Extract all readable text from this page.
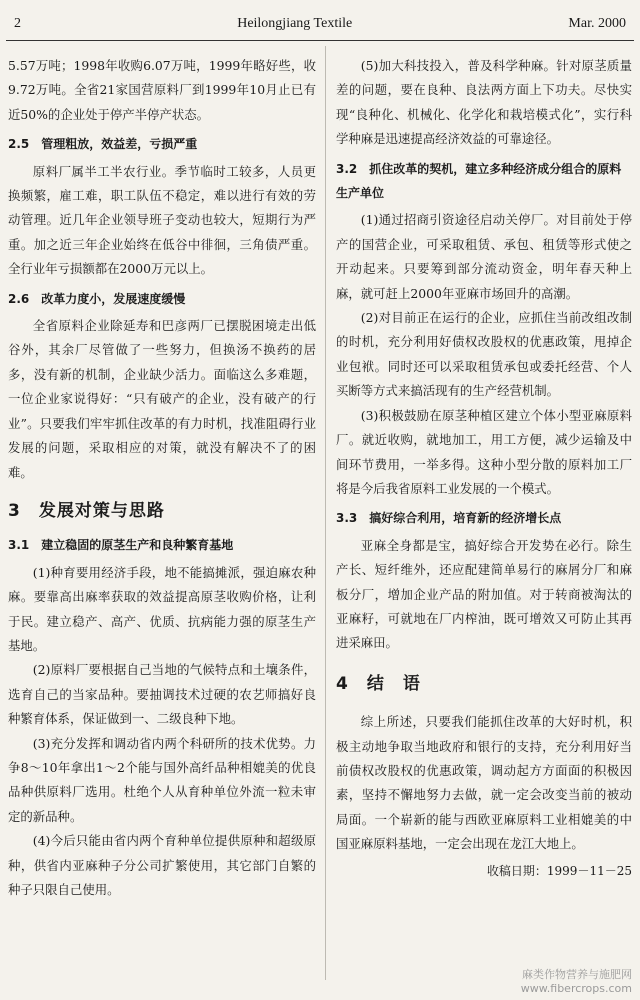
2	Heilongjiang Textile	Mar. 2000

5.57万吨；1998年收购6.07万吨，1999年略好些，收9.72万吨。全省21家国营原料厂到1999年10月止已有近50%的企业处于停产半停产状态。

2.5　管理粗放，效益差，亏损严重

原料厂属半工半农行业。季节临时工较多，人员更换频繁，雇工难，职工队伍不稳定，难以进行有效的劳动管理。近几年企业领导班子变动也较大，短期行为严重。加之近三年企业始终在低谷中徘徊，三角债严重。全行业年亏损额都在2000万元以上。

2.6　改革力度小，发展速度缓慢

全省原料企业除延寿和巴彦两厂已摆脱困境走出低谷外，其余厂尽管做了一些努力，但换汤不换药的居多，没有新的机制，企业缺少活力。面临这么多难题，一位企业家说得好：“只有破产的企业，没有破产的行业”。只要我们牢牢抓住改革的有力时机，找准阻碍行业发展的问题，采取相应的对策，就没有解决不了的困难。

3　发展对策与思路
3.1　建立稳固的原茎生产和良种繁育基地

(1)种育要用经济手段，地不能搞摊派，强迫麻农种麻。要靠高出麻率获取的效益提高原茎收购价格，让利于民。建立稳产、高产、优质、抗病能力强的原茎生产基地。

(2)原料厂要根据自己当地的气候特点和土壤条件，选育自己的当家品种。要抽调技术过硬的农艺师搞好良种繁育体系，保证做到一、二级良种下地。

(3)充分发挥和调动省内两个科研所的技术优势。力争8～10年拿出1～2个能与国外高纤品种相媲美的优良品种供原料厂选用。杜绝个人从育种单位外流一粒未审定的新品种。

(4)今后只能由省内两个育种单位提供原种和超级原种，供省内亚麻种子分公司扩繁使用，其它部门自繁的种子只限自己使用。

(5)加大科技投入，普及科学种麻。针对原茎质量差的问题，要在良种、良法两方面上下功夫。尽快实现“良种化、机械化、化学化和栽培模式化”，实行科学种麻是迅速提高经济效益的可靠途径。

3.2　抓住改革的契机，建立多种经济成分组合的原料生产单位

(1)通过招商引资途径启动关停厂。对目前处于停产的国营企业，可采取租赁、承包、租赁等形式使之开动起来。只要筹到部分流动资金，明年春天种上麻，就可赶上2000年亚麻市场回升的高潮。

(2)对目前正在运行的企业，应抓住当前改组改制的时机，充分利用好债权改股权的优惠政策，甩掉企业包袱。同时还可以采取租赁承包或委托经营、个人买断等方式来搞活现有的生产经营机制。

(3)积极鼓励在原茎种植区建立个体小型亚麻原料厂。就近收购，就地加工，用工方便，减少运输及中间环节费用，一举多得。这种小型分散的原料加工厂将是今后我省原料工业发展的一个模式。

3.3　搞好综合利用，培育新的经济增长点

亚麻全身都是宝，搞好综合开发势在必行。除生产长、短纤维外，还应配建简单易行的麻屑分厂和麻板分厂，增加企业产品的附加值。对于转商被淘汰的亚麻籽，可就地在厂内榨油，既可增效又可防止其再进采麻田。

4　结　语

综上所述，只要我们能抓住改革的大好时机，积极主动地争取当地政府和银行的支持，充分利用好当前债权改股权的优惠政策，调动起方方面面的积极因素，坚持不懈地努力去做，就一定会改变当前的被动局面。一个崭新的能与西欧亚麻原料工业相媲美的中国亚麻原料基地，一定会出现在龙江大地上。

收稿日期：1999－11－25
麻类作物营养与施肥网
www.fibercrops.com
